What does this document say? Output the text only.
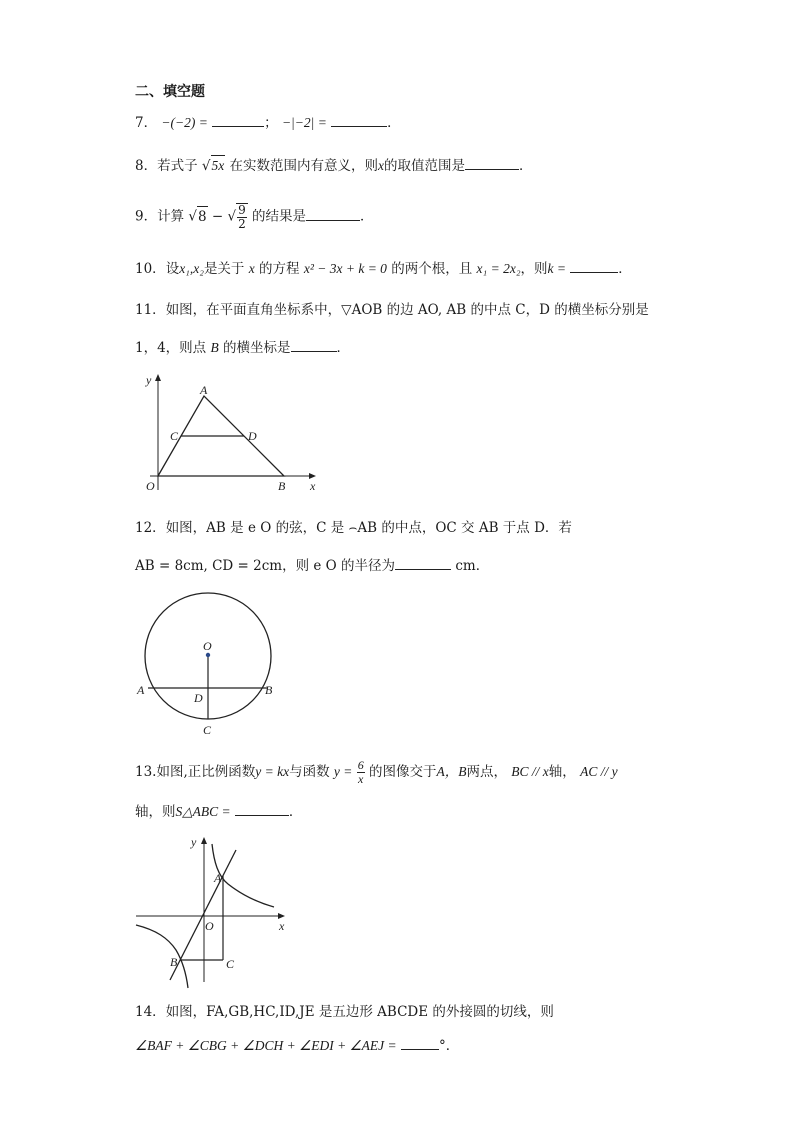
二、填空题
7． −(−2) =	； −|−2| =	．
8．若式子 √5x 在实数范围内有意义，则x的取值范围是	．
9．计算 √8 − √ $\frac{9}{2}$ 的结果是	．
10．设x₁,x₂是关于 x 的方程 x² − 3x + k = 0 的两个根，且 x₁ = 2x₂，则k =	．
11．如图，在平面直角坐标系中，▽AOB 的边 AO, AB 的中点 C，D 的横坐标分别是
1，4，则点 B 的横坐标是	．
y
x
O
A
B
C	D
12．如图，AB 是 e O 的弦，C 是 ⌢AB 的中点，OC 交 AB 于点 D．若
AB = 8cm, CD = 2cm，则 e O 的半径为	cm．
O
A	B
D
C
13.如图,正比例函数y = kx与函数 $y = \frac{6}{x}$ 的图像交于A，B两点， BC // x轴， AC // y
轴，则S△ABC =	．
y
x
O
A
B	C
14．如图，FA,GB,HC,ID,JE 是五边形 ABCDE 的外接圆的切线，则
∠BAF + ∠CBG + ∠DCH + ∠EDI + ∠AEJ =	°．
